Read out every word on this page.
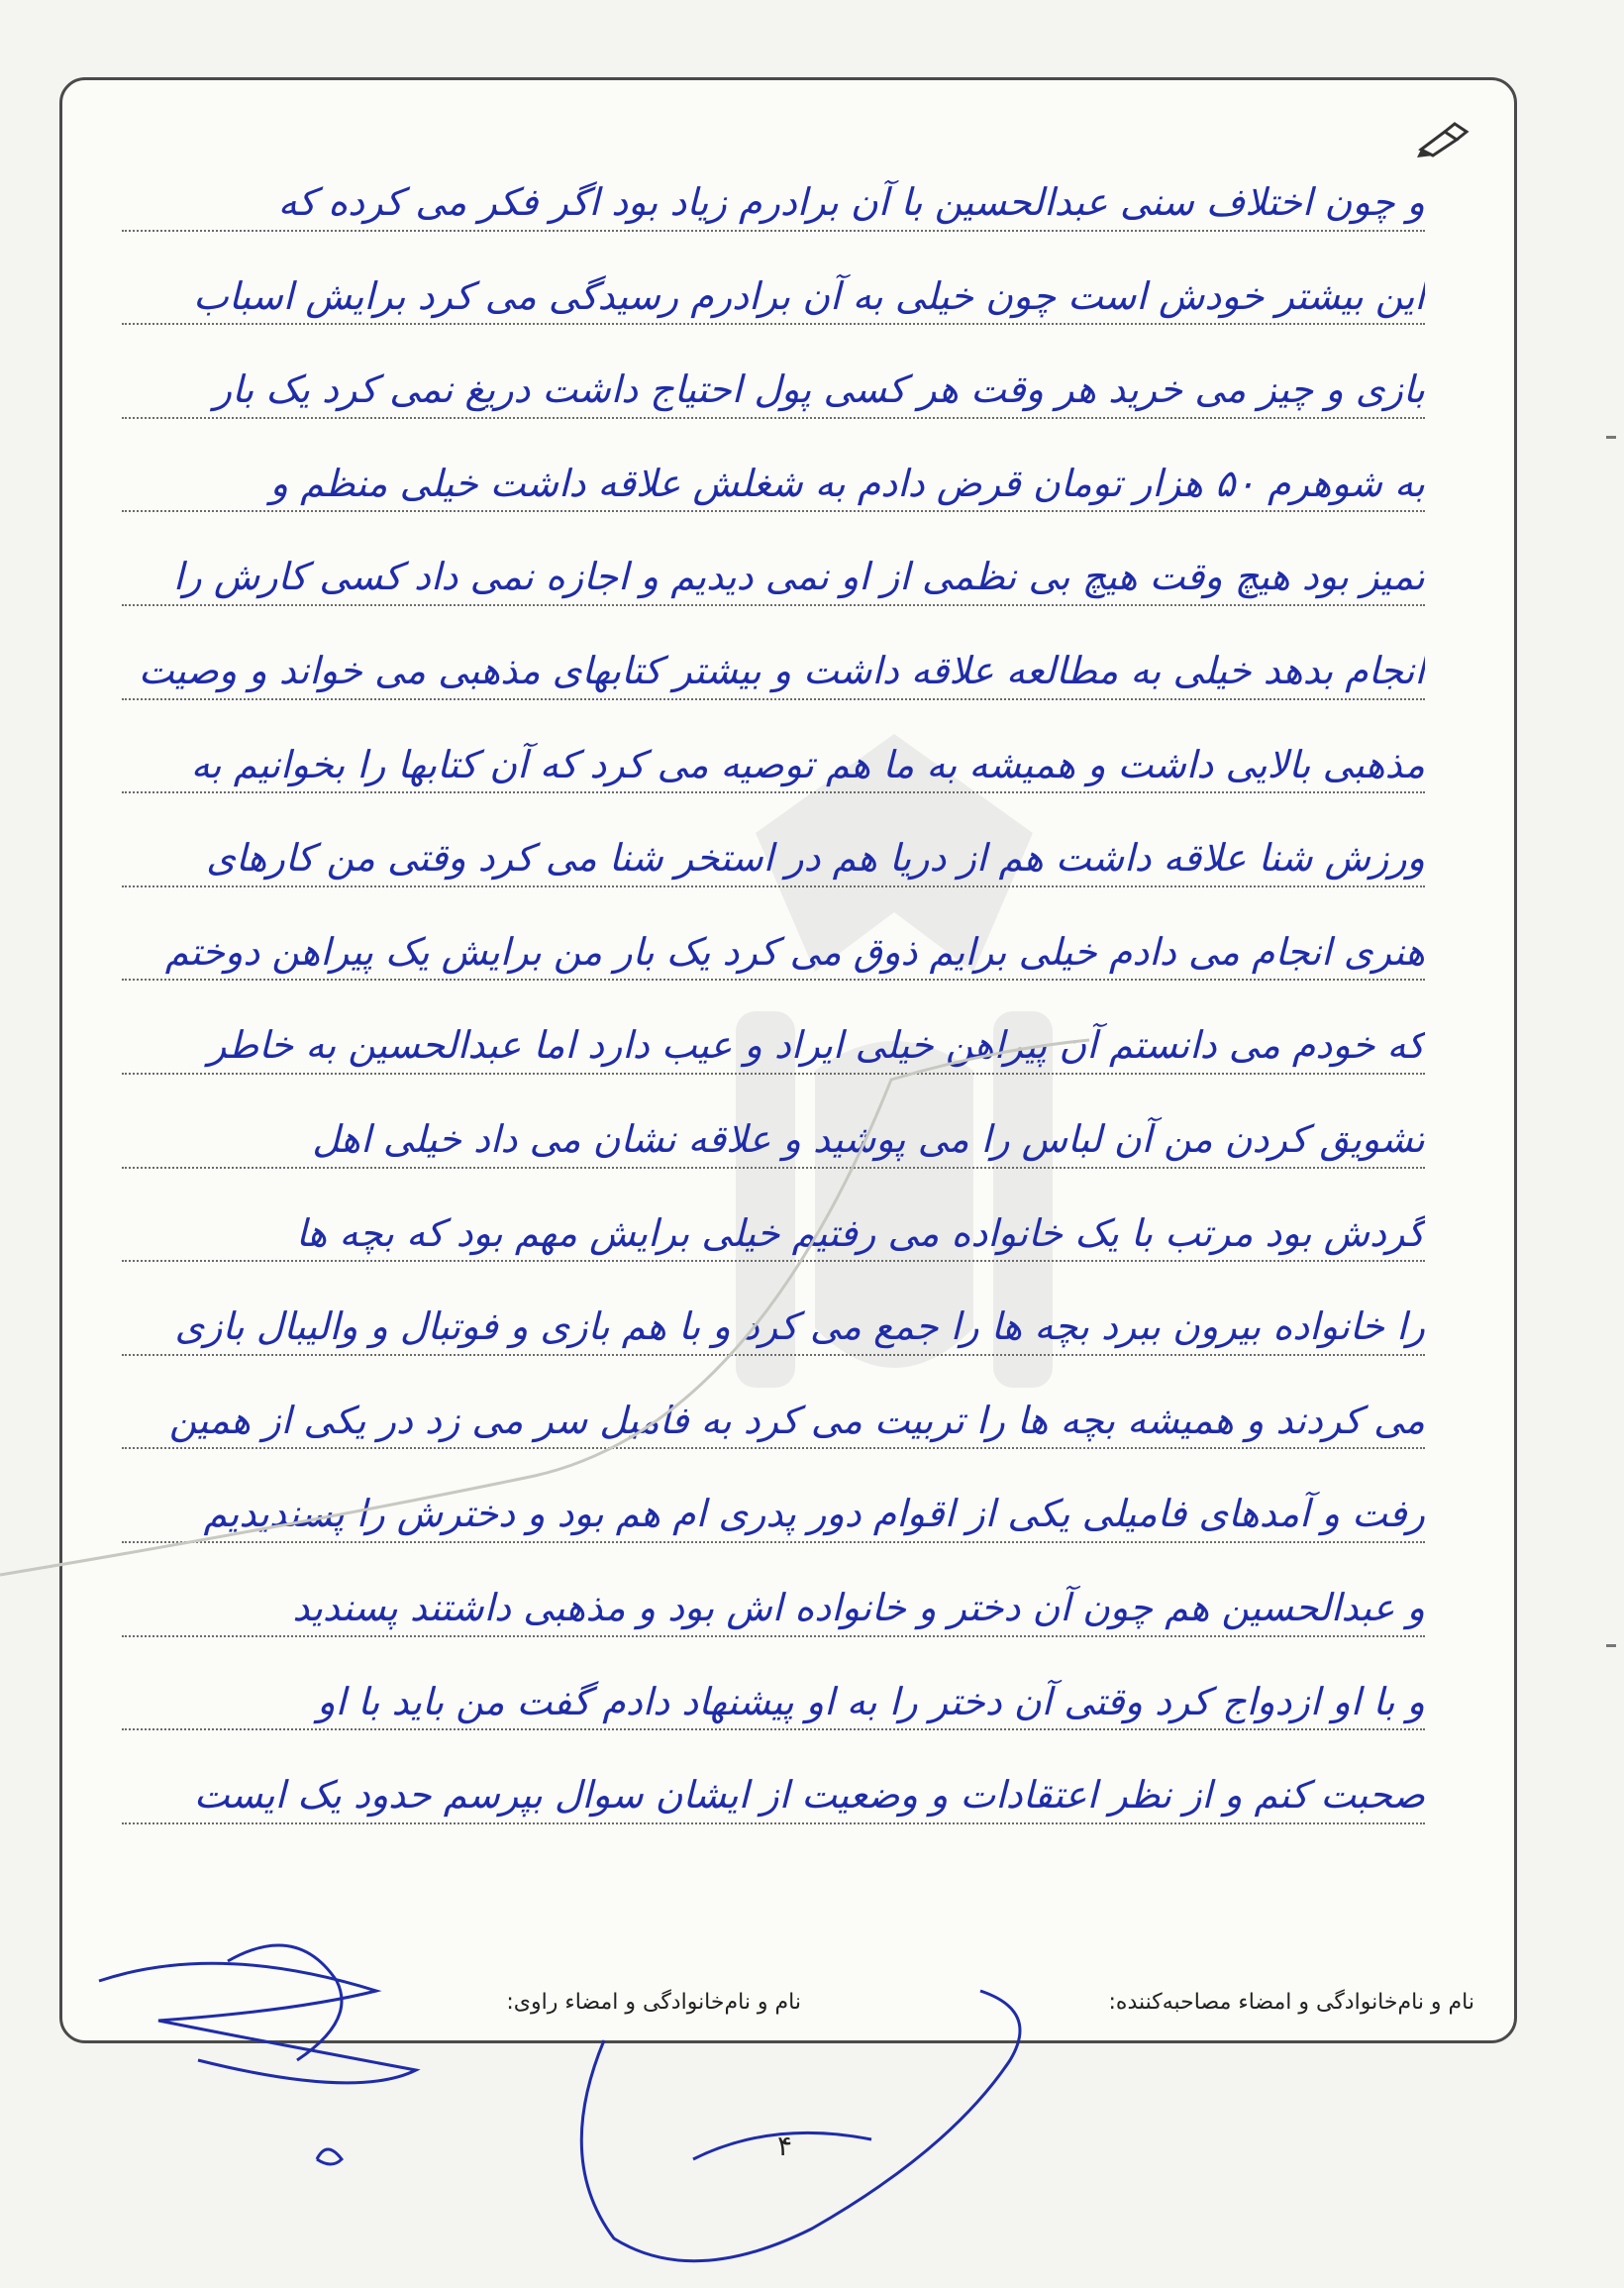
و چون اختلاف سنی عبدالحسین با آن برادرم زیاد بود اگر فکر می کرده که
این بیشتر خودش است چون خیلی به آن برادرم رسیدگی می کرد برایش اسباب
بازی و چیز می خرید هر وقت هر کسی پول احتیاج داشت دریغ نمی کرد یک بار
به شوهرم ۵۰ هزار تومان قرض دادم به شغلش علاقه داشت خیلی منظم و
تمیز بود هیچ وقت هیچ بی نظمی از او نمی دیدیم و اجازه نمی داد کسی کارش را
انجام بدهد خیلی به مطالعه علاقه داشت و بیشتر کتابهای مذهبی می خواند و وصیت
مذهبی بالایی داشت و همیشه به ما هم توصیه می کرد که آن کتابها را بخوانیم به
ورزش شنا علاقه داشت هم از دریا هم در استخر شنا می کرد وقتی من کارهای
هنری انجام می دادم خیلی برایم ذوق می کرد یک بار من برایش یک پیراهن دوختم
که خودم می دانستم آن پیراهن خیلی ایراد و عیب دارد اما عبدالحسین به خاطر
تشویق کردن من آن لباس را می پوشید و علاقه نشان می داد خیلی اهل
گردش بود مرتب با یک خانواده می رفتیم خیلی برایش مهم بود که بچه ها
را خانواده بیرون ببرد بچه ها را جمع می کرد و با هم بازی و فوتبال و والیبال بازی
می کردند و همیشه بچه ها را تربیت می کرد به فامیل سر می زد در یکی از همین
رفت و آمدهای فامیلی یکی از اقوام دور پدری ام هم بود و دخترش را پسندیدیم
و عبدالحسین هم چون آن دختر و خانواده اش بود و مذهبی داشتند پسندید
و با او ازدواج کرد وقتی آن دختر را به او پیشنهاد دادم گفت من باید با او
صحبت کنم و از نظر اعتقادات و وضعیت از ایشان سوال بپرسم حدود یک ایست
نام و نام‌خانوادگی و امضاء مصاحبه‌کننده:
نام و نام‌خانوادگی و امضاء راوی:
۴
